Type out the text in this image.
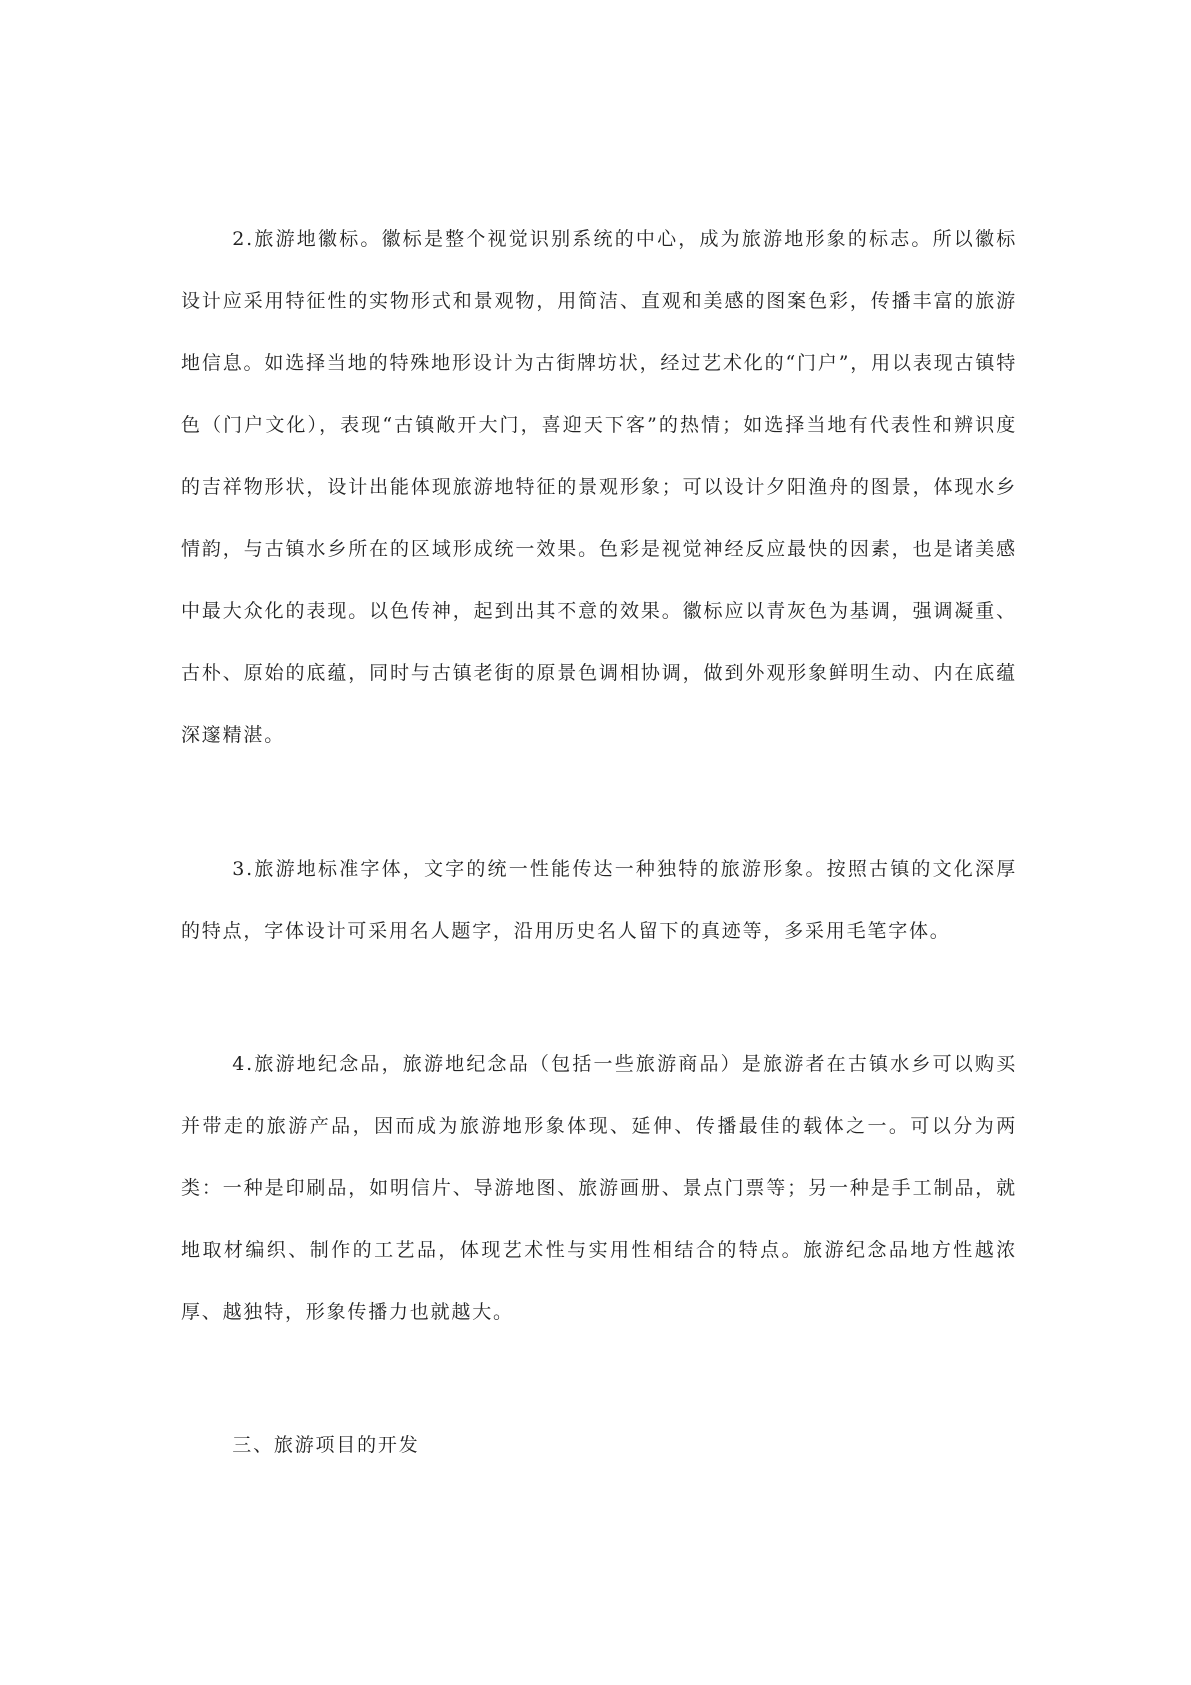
2.旅游地徽标。徽标是整个视觉识别系统的中心，成为旅游地形象的标志。所以徽标设计应采用特征性的实物形式和景观物，用简洁、直观和美感的图案色彩，传播丰富的旅游地信息。如选择当地的特殊地形设计为古街牌坊状，经过艺术化的“门户”，用以表现古镇特色（门户文化），表现“古镇敞开大门，喜迎天下客”的热情；如选择当地有代表性和辨识度的吉祥物形状，设计出能体现旅游地特征的景观形象；可以设计夕阳渔舟的图景，体现水乡情韵，与古镇水乡所在的区域形成统一效果。色彩是视觉神经反应最快的因素，也是诸美感中最大众化的表现。以色传神，起到出其不意的效果。徽标应以青灰色为基调，强调凝重、古朴、原始的底蕴，同时与古镇老街的原景色调相协调，做到外观形象鲜明生动、内在底蕴深邃精湛。

3.旅游地标准字体，文字的统一性能传达一种独特的旅游形象。按照古镇的文化深厚的特点，字体设计可采用名人题字，沿用历史名人留下的真迹等，多采用毛笔字体。

4.旅游地纪念品，旅游地纪念品（包括一些旅游商品）是旅游者在古镇水乡可以购买并带走的旅游产品，因而成为旅游地形象体现、延伸、传播最佳的载体之一。可以分为两类：一种是印刷品，如明信片、导游地图、旅游画册、景点门票等；另一种是手工制品，就地取材编织、制作的工艺品，体现艺术性与实用性相结合的特点。旅游纪念品地方性越浓厚、越独特，形象传播力也就越大。

三、旅游项目的开发
